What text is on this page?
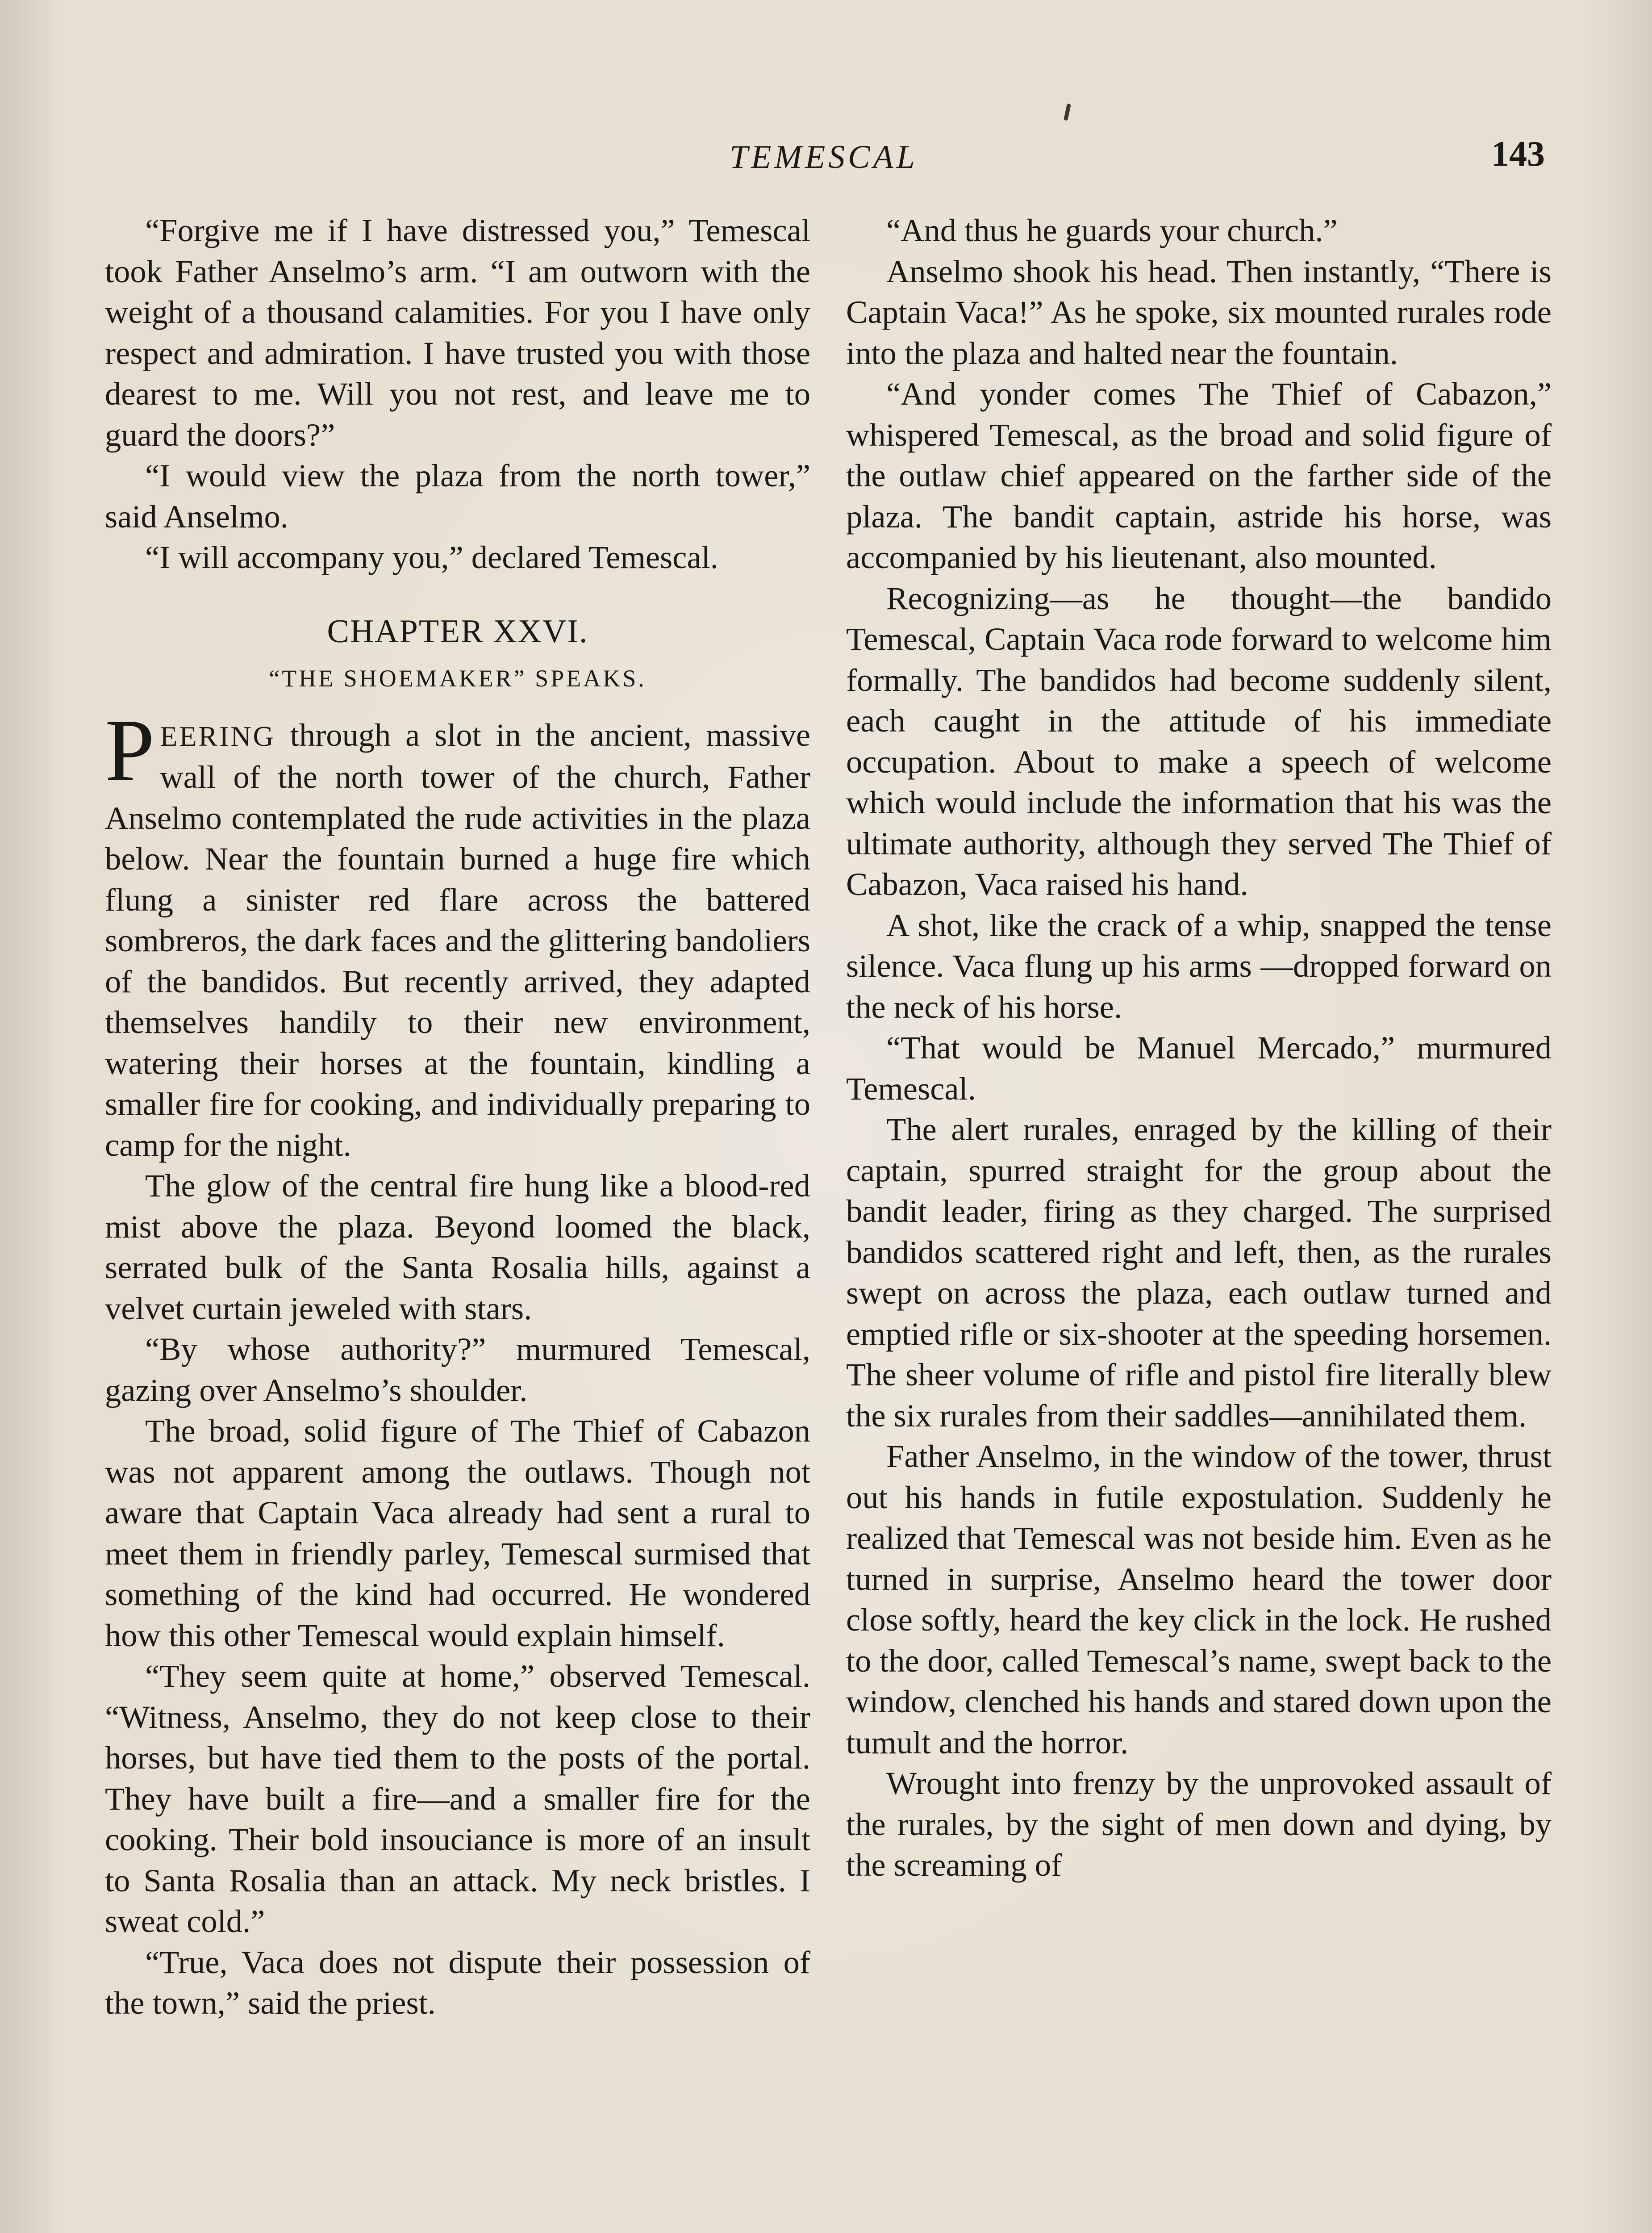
TEMESCAL	143

“Forgive me if I have distressed you,” Temescal took Father Anselmo’s arm. “I am outworn with the weight of a thousand calamities. For you I have only respect and admiration. I have trusted you with those dearest to me. Will you not rest, and leave me to guard the doors?”

“I would view the plaza from the north tower,” said Anselmo.

“I will accompany you,” declared Temescal.

CHAPTER XXVI.
“THE SHOEMAKER” SPEAKS.

PEERING through a slot in the ancient, massive wall of the north tower of the church, Father Anselmo contemplated the rude activities in the plaza below. Near the fountain burned a huge fire which flung a sinister red flare across the battered sombreros, the dark faces and the glittering bandoliers of the bandidos. But recently arrived, they adapted themselves handily to their new environment, watering their horses at the fountain, kindling a smaller fire for cooking, and individually preparing to camp for the night.

The glow of the central fire hung like a blood-red mist above the plaza. Beyond loomed the black, serrated bulk of the Santa Rosalia hills, against a velvet curtain jeweled with stars.

“By whose authority?” murmured Temescal, gazing over Anselmo’s shoulder.

The broad, solid figure of The Thief of Cabazon was not apparent among the outlaws. Though not aware that Captain Vaca already had sent a rural to meet them in friendly parley, Temescal surmised that something of the kind had occurred. He wondered how this other Temescal would explain himself.

“They seem quite at home,” observed Temescal. “Witness, Anselmo, they do not keep close to their horses, but have tied them to the posts of the portal. They have built a fire—and a smaller fire for the cooking. Their bold insouciance is more of an insult to Santa Rosalia than an attack. My neck bristles. I sweat cold.”

“True, Vaca does not dispute their possession of the town,” said the priest.

“And thus he guards your church.”

Anselmo shook his head. Then instantly, “There is Captain Vaca!” As he spoke, six mounted rurales rode into the plaza and halted near the fountain.

“And yonder comes The Thief of Cabazon,” whispered Temescal, as the broad and solid figure of the outlaw chief appeared on the farther side of the plaza. The bandit captain, astride his horse, was accompanied by his lieutenant, also mounted.

Recognizing—as he thought—the bandido Temescal, Captain Vaca rode forward to welcome him formally. The bandidos had become suddenly silent, each caught in the attitude of his immediate occupation. About to make a speech of welcome which would include the information that his was the ultimate authority, although they served The Thief of Cabazon, Vaca raised his hand.

A shot, like the crack of a whip, snapped the tense silence. Vaca flung up his arms —dropped forward on the neck of his horse.

“That would be Manuel Mercado,” murmured Temescal.

The alert rurales, enraged by the killing of their captain, spurred straight for the group about the bandit leader, firing as they charged. The surprised bandidos scattered right and left, then, as the rurales swept on across the plaza, each outlaw turned and emptied rifle or six-shooter at the speeding horsemen. The sheer volume of rifle and pistol fire literally blew the six rurales from their saddles—annihilated them.

Father Anselmo, in the window of the tower, thrust out his hands in futile expostulation. Suddenly he realized that Temescal was not beside him. Even as he turned in surprise, Anselmo heard the tower door close softly, heard the key click in the lock. He rushed to the door, called Temescal’s name, swept back to the window, clenched his hands and stared down upon the tumult and the horror.

Wrought into frenzy by the unprovoked assault of the rurales, by the sight of men down and dying, by the screaming of
